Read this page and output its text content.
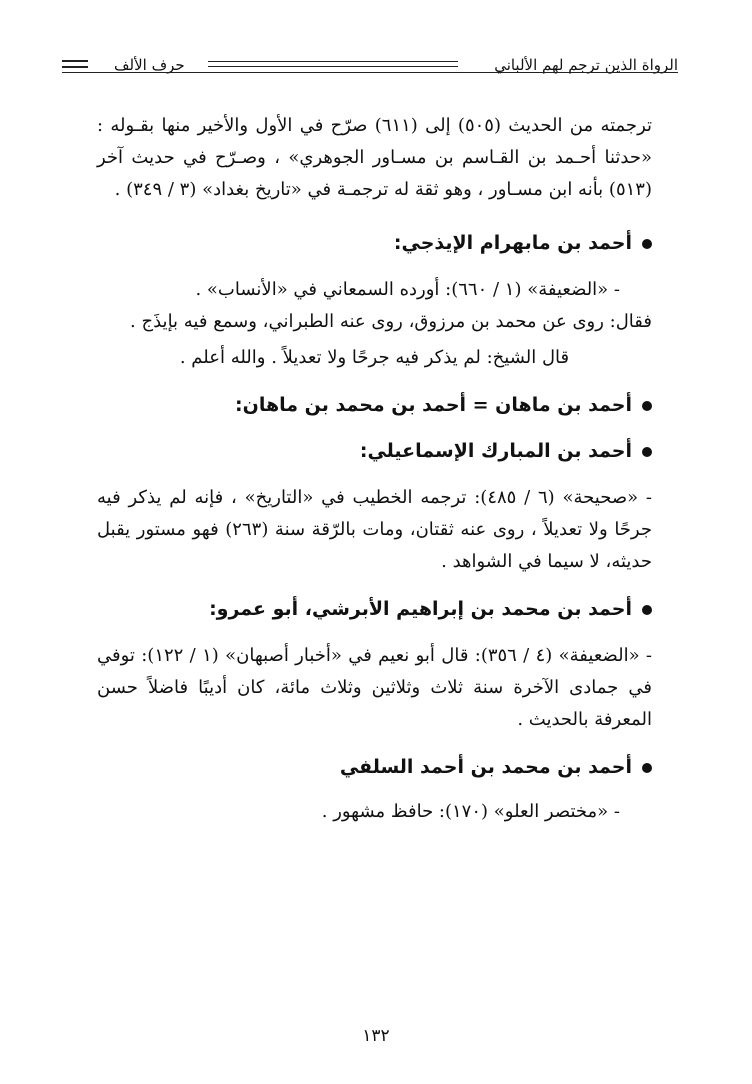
الرواة الذين ترجم لهم الألباني
حرف الألف

ترجمته من الحديث (٥٠٥) إلى (٦١١) صرّح في الأول والأخير منها بقـوله : «حدثنا أحـمد بن القـاسم بن مسـاور الجوهري» ، وصـرّح في حديث آخر (٥١٣) بأنه ابن مسـاور ، وهو ثقة له ترجمـة في «تاريخ بغداد» (٣ / ٣٤٩) .

أحمد بن مابهرام الإيذجي:

- «الضعيفة» (١ / ٦٦٠): أورده السمعاني في «الأنساب» .

فقال: روى عن محمد بن مرزوق، روى عنه الطبراني، وسمع فيه بإيذَج .

قال الشيخ: لم يذكر فيه جرحًا ولا تعديلاً . والله أعلم .

أحمد بن ماهان = أحمد بن محمد بن ماهان:
أحمد بن المبارك الإسماعيلي:

- «صحيحة» (٦ / ٤٨٥): ترجمه الخطيب في «التاريخ» ، فإنه لم يذكر فيه جرحًا ولا تعديلاً ، روى عنه ثقتان، ومات بالرّقة سنة (٢٦٣) فهو مستور يقبل حديثه، لا سيما في الشواهد .

أحمد بن محمد بن إبراهيم الأبرشي، أبو عمرو:

- «الضعيفة» (٤ / ٣٥٦): قال أبو نعيم في «أخبار أصبهان» (١ / ١٢٢): توفي في جمادى الآخرة سنة ثلاث وثلاثين وثلاث مائة، كان أديبًا فاضلاً حسن المعرفة بالحديث .

أحمد بن محمد بن أحمد السلفي

- «مختصر العلو» (١٧٠): حافظ مشهور .

١٣٢
